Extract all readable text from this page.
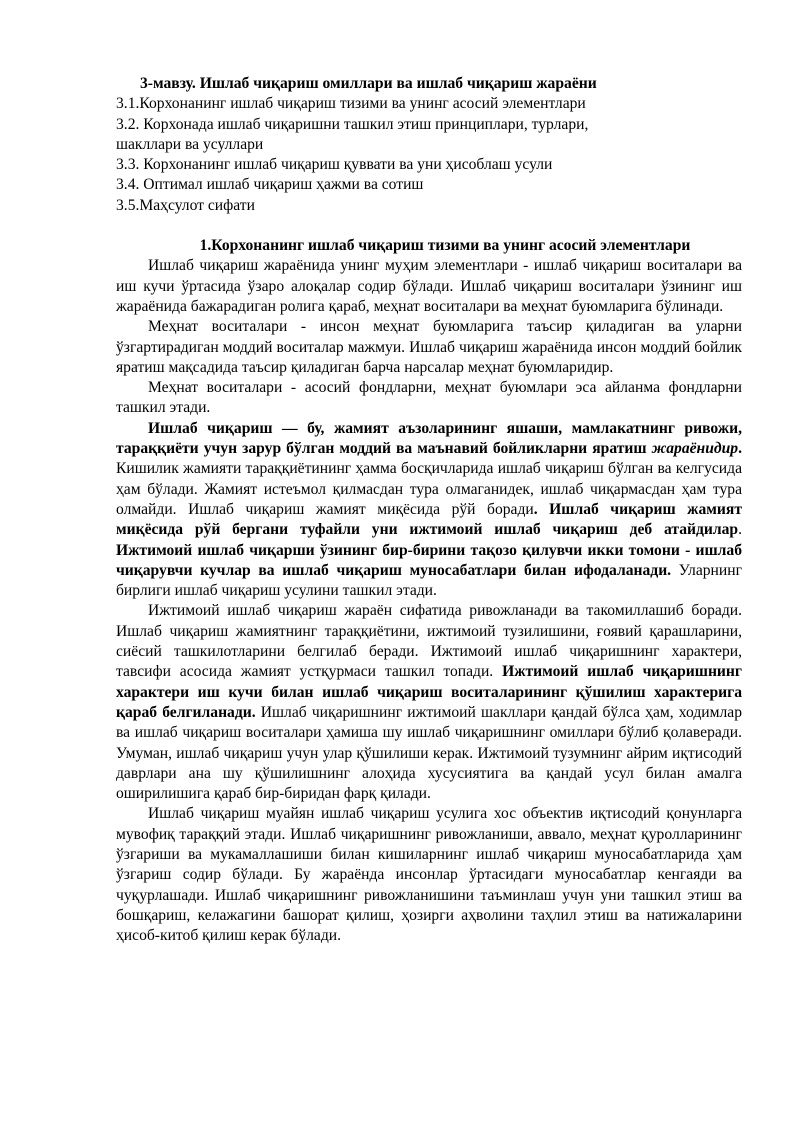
3-мавзу. Ишлаб чиқариш омиллари ва ишлаб чиқариш жараёни
3.1.Корхонанинг ишлаб чиқариш тизими ва унинг асосий элементлари
3.2. Корхонада ишлаб чиқаришни ташкил этиш принциплари, турлари,
шакллари ва усуллари
3.3. Корхонанинг ишлаб чиқариш қуввати ва уни ҳисоблаш усули
3.4. Оптимал ишлаб чиқариш ҳажми ва сотиш
3.5.Маҳсулот сифати
1.Корхонанинг ишлаб чиқариш тизими ва унинг асосий элементлари

Ишлаб чиқариш жараёнида унинг муҳим элементлари - ишлаб чиқариш воситалари ва иш кучи ўртасида ўзаро алоқалар содир бўлади. Ишлаб чиқариш воситалари ўзининг иш жараёнида бажарадиган ролига қараб, меҳнат воситалари ва меҳнат буюмларига бўлинади.

Меҳнат воситалари - инсон меҳнат буюмларига таъсир қиладиган ва уларни ўзгартирадиган моддий воситалар мажмуи. Ишлаб чиқариш жараёнида инсон моддий бойлик яратиш мақсадида таъсир қиладиган барча нарсалар меҳнат буюмларидир.

Меҳнат воситалари - асосий фондларни, меҳнат буюмлари эса айланма фондларни ташкил этади.

Ишлаб чиқариш — бу, жамият аъзоларининг яшаши, мамлакатнинг ривожи, тараққиёти учун зарур бўлган моддий ва маънавий бойликларни яратиш жараёнидир. Кишилик жамияти тараққиётининг ҳамма босқичларида ишлаб чиқариш бўлган ва келгусида ҳам бўлади. Жамият истеъмол қилмасдан тура олмаганидек, ишлаб чиқармасдан ҳам тура олмайди. Ишлаб чиқариш жамият миқёсида рўй боради. Ишлаб чиқариш жамият миқёсида рўй бергани туфайли уни ижтимоий ишлаб чиқариш деб атайдилар. Ижтимоий ишлаб чиқарши ўзининг бир-бирини тақозо қилувчи икки томони - ишлаб чиқарувчи кучлар ва ишлаб чиқариш муносабатлари билан ифодаланади. Уларнинг бирлиги ишлаб чиқариш усулини ташкил этади.

Ижтимоий ишлаб чиқариш жараён сифатида ривожланади ва такомиллашиб боради. Ишлаб чиқариш жамиятнинг тараққиётини, ижтимоий тузилишини, ғоявий қарашларини, сиёсий ташкилотларини белгилаб беради. Ижтимоий ишлаб чиқаришнинг характери, тавсифи асосида жамият устқурмаси ташкил топади. Ижтимоий ишлаб чиқаришнинг характери иш кучи билан ишлаб чиқариш воситаларининг қўшилиш характерига қараб белгиланади. Ишлаб чиқаришнинг ижтимоий шакллари қандай бўлса ҳам, ходимлар ва ишлаб чиқариш воситалари ҳамиша шу ишлаб чиқаришнинг омиллари бўлиб қолаверади. Умуман, ишлаб чиқариш учун улар қўшилиши керак. Ижтимоий тузумнинг айрим иқтисодий даврлари ана шу қўшилишнинг алоҳида хусусиятига ва қандай усул билан амалга оширилишига қараб бир-биридан фарқ қилади.

Ишлаб чиқариш муайян ишлаб чиқариш усулига хос объектив иқтисодий қонунларга мувофиқ тараққий этади. Ишлаб чиқаришнинг ривожланиши, аввало, меҳнат қуролларининг ўзгариши ва мукамаллашиши билан кишиларнинг ишлаб чиқариш муносабатларида ҳам ўзгариш содир бўлади. Бу жараёнда инсонлар ўртасидаги муносабатлар кенгаяди ва чуқурлашади. Ишлаб чиқаришнинг ривожланишини таъминлаш учун уни ташкил этиш ва бошқариш, келажагини башорат қилиш, ҳозирги аҳволини таҳлил этиш ва натижаларини ҳисоб-китоб қилиш керак бўлади.
